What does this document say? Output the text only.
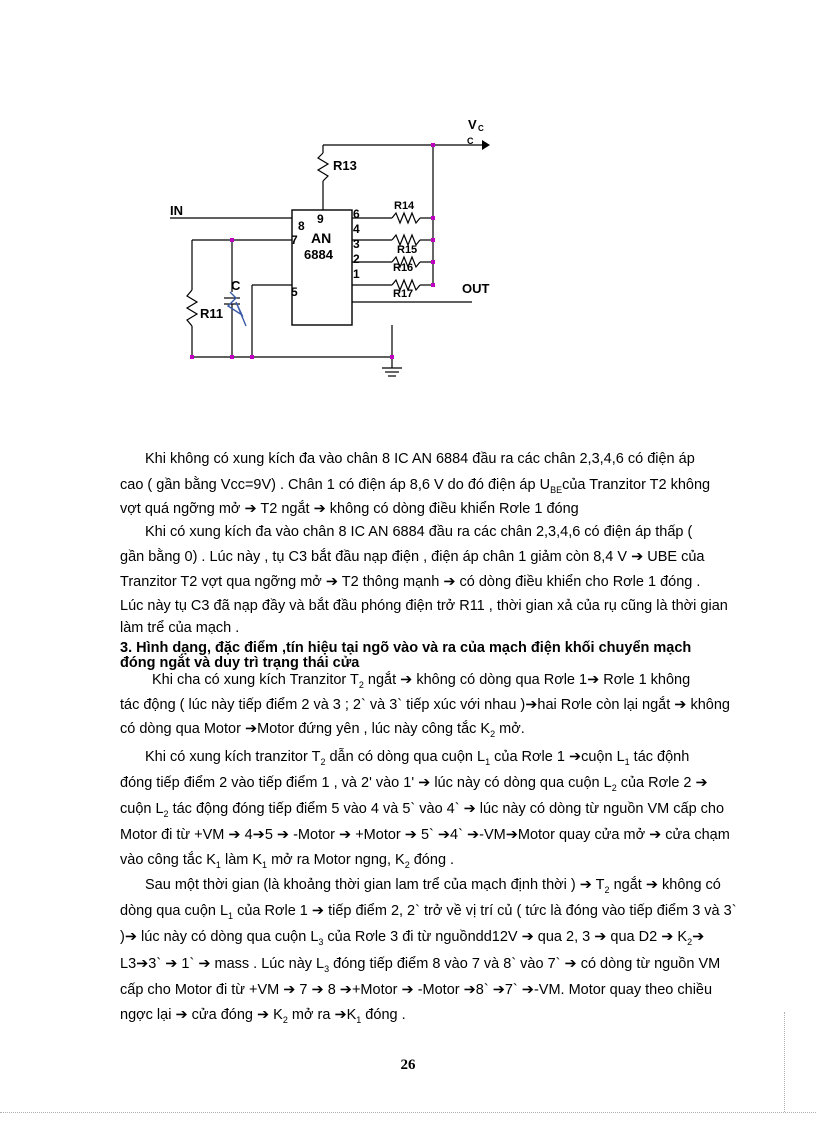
V C
C
R13
IN
8 9
7 AN
6884
5
6
4
3
2
1
R14
R15
R16
R17	OUT
R11
C
Khi không có xung kích đa vào chân 8 IC AN 6884 đầu ra các chân 2,3,4,6 có điện áp
cao ( gần bằng Vcc=9V) . Chân 1 có điện áp 8,6 V do đó điện áp $U_{BE}của$ Tranzitor T2 không
vợt quá ngỡng mở ➔ T2 ngắt ➔ không có dòng điều khiển Rơle 1 đóng
Khi có xung kích đa vào chân 8 IC AN 6884 đầu ra các chân 2,3,4,6 có điện áp thấp (
gần bằng 0) . Lúc này , tụ C3 bắt đầu nạp điện , điện áp chân 1 giảm còn 8,4 V ➔ UBE của
Tranzitor T2 vợt qua ngỡng mở ➔ T2 thông mạnh ➔ có dòng điều khiển cho Rơle 1 đóng .
Lúc này tụ C3 đã nạp đầy và bắt đầu phóng điện trở R11 , thời gian xả của rụ cũng là thời gian
làm trể của mạch .
3. Hình dạng, đặc điểm ,tín hiệu tại ngõ vào và ra của mạch điện khối chuyển mạch
đóng ngắt và duy trì trạng thái cửa
Khi cha có xung kích Tranzitor $T_2$ ngắt ➔ không có dòng qua Rơle 1➔ Rơle 1 không
tác động ( lúc này tiếp điểm 2 và 3 ; 2` và 3` tiếp xúc với nhau )➔hai Rơle còn lại ngắt ➔ không
có dòng qua Motor ➔Motor đứng yên , lúc này công tắc $K_2$ mở.
Khi có xung kích tranzitor $T_2$ dẫn có dòng qua cuộn $L_1$ của Rơle 1 ➔cuộn $L_1$ tác độnh
đóng tiếp điểm 2 vào tiếp điểm 1 , và 2' vào 1' ➔ lúc này có dòng qua cuộn $L_2$ của Rơle 2 ➔
cuộn $L_2$ tác động đóng tiếp điểm 5 vào 4 và 5` vào 4` ➔ lúc này có dòng từ nguồn VM cấp cho
Motor đi từ +VM ➔ 4➔5 ➔ -Motor ➔ +Motor ➔ 5` ➔4` ➔-VM➔Motor quay cửa mở ➔ cửa chạm
vào công tắc $K_1$ làm $K_1$ mở ra Motor ngng, $K_2$ đóng .
Sau một thời gian (là khoảng thời gian lam trể của mạch định thời ) ➔ $T_2$ ngắt ➔ không có
dòng qua cuộn $L_1$ của Rơle 1 ➔ tiếp điểm 2, 2` trở về vị trí củ ( tức là đóng vào tiếp điểm 3 và 3`
)➔ lúc này có dòng qua cuộn $L_3$ của Rơle 3 đi từ nguồndd12V ➔ qua 2, 3 ➔ qua D2 ➔ $K_2➔$
L3➔3` ➔ 1` ➔ mass . Lúc này $L_3$ đóng tiếp điểm 8 vào 7 và 8` vào 7` ➔ có dòng từ nguồn VM
cấp cho Motor đi từ +VM ➔ 7 ➔ 8 ➔+Motor ➔ -Motor ➔8` ➔7` ➔-VM. Motor quay theo chiều
ngợc lại ➔ cửa đóng ➔ $K_2$ mở ra $➔K_1$ đóng .
26
